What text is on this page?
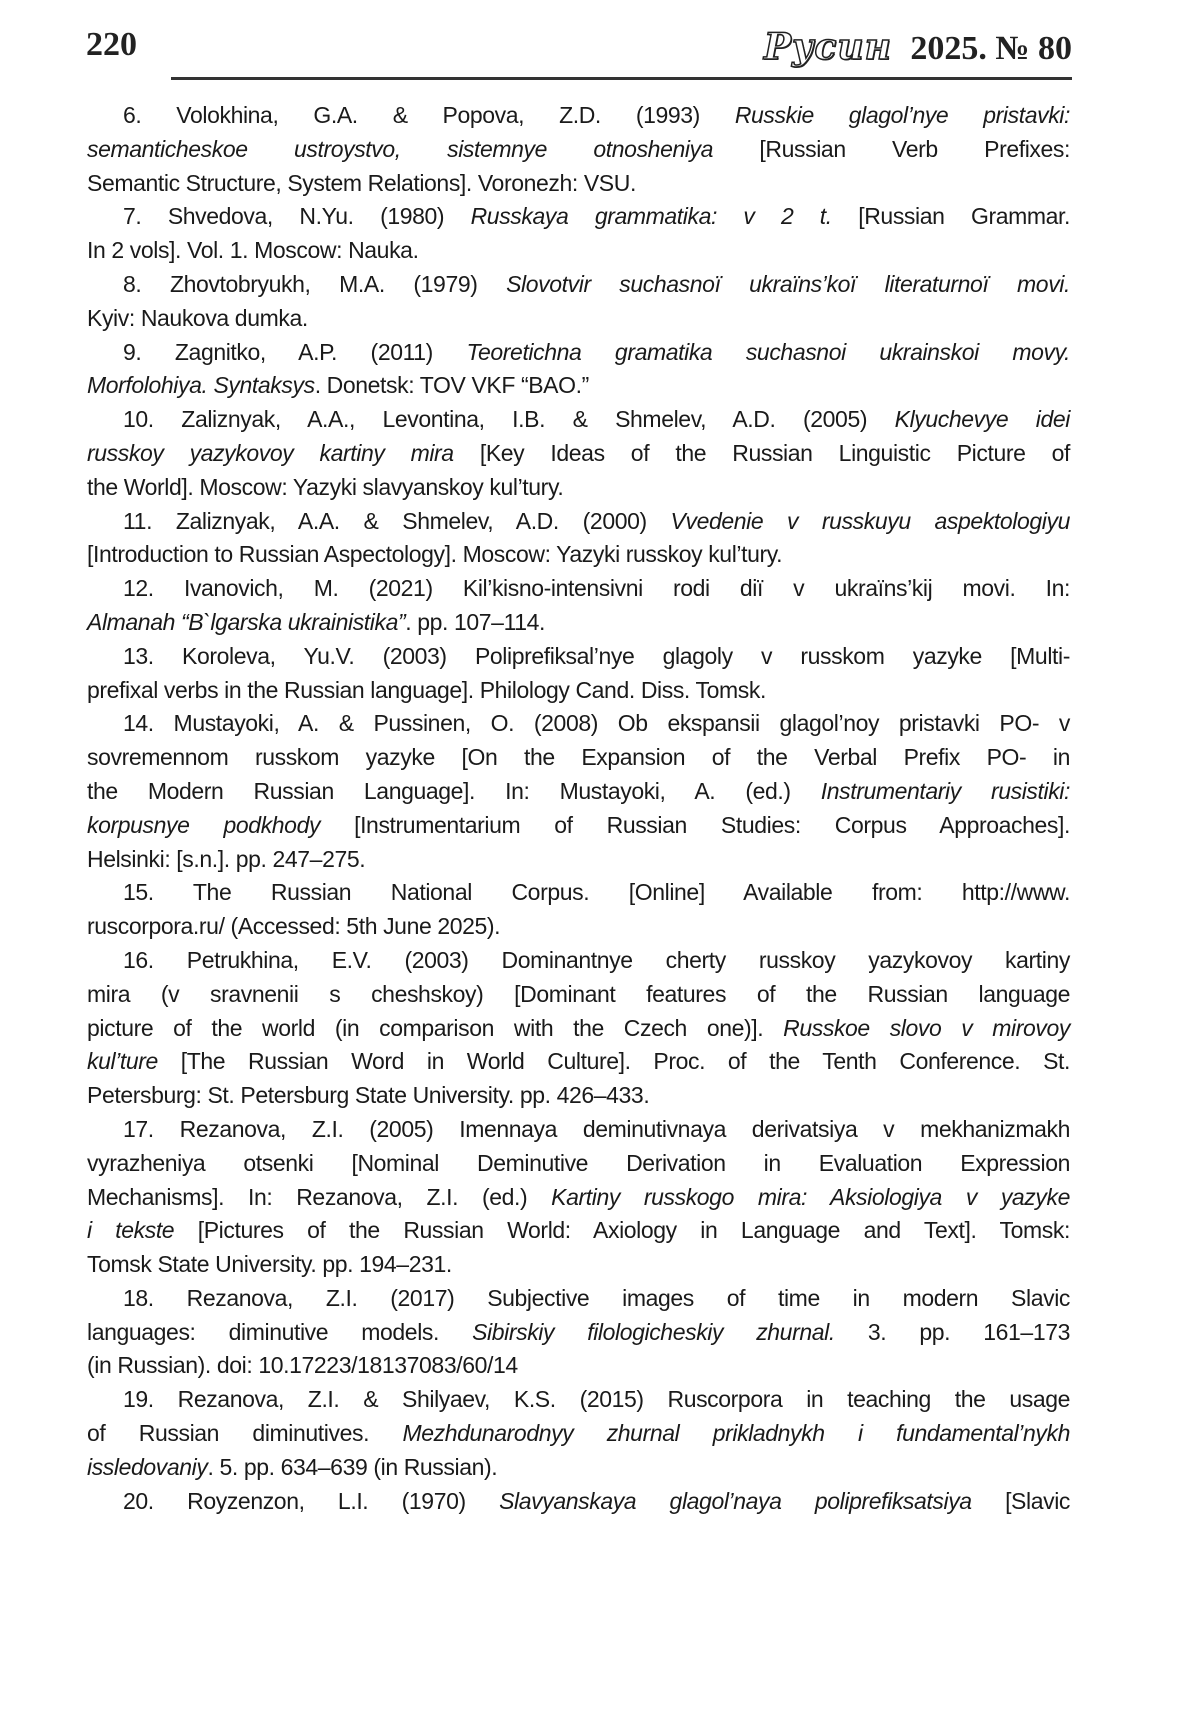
220	Русин 2025. № 80
6. Volokhina, G.A. & Popova, Z.D. (1993) Russkie glagol’nye pristavki:
semanticheskoe ustroystvo, sistemnye otnosheniya [Russian Verb Prefixes:
Semantic Structure, System Relations]. Voronezh: VSU.
7. Shvedova, N.Yu. (1980) Russkaya grammatika: v 2 t. [Russian Grammar.
In 2 vols]. Vol. 1. Moscow: Nauka.
8. Zhovtobryukh, M.A. (1979) Slovotvir suchasnoï ukraïns’koï literaturnoï movi.
Kyiv: Naukova dumka.
9. Zagnitko, A.P. (2011) Teoretichna gramatika suchasnoi ukrainskoi movy.
Morfolohiya. Syntaksys. Donetsk: TOV VKF “BAO.”
10. Zaliznyak, A.A., Levontina, I.B. & Shmelev, A.D. (2005) Klyuchevye idei
russkoy yazykovoy kartiny mira [Key Ideas of the Russian Linguistic Picture of
the World]. Moscow: Yazyki slavyanskoy kul’tury.
11. Zaliznyak, A.A. & Shmelev, A.D. (2000) Vvedenie v russkuyu aspektologiyu
[Introduction to Russian Aspectology]. Moscow: Yazyki russkoy kul’tury.
12. Ivanovich, M. (2021) Kil’kisno-intensivni rodi diï v ukraïns’kij movi. In:
Almanah “B`lgarska ukrainistika”. pp. 107–114.
13. Koroleva, Yu.V. (2003) Poliprefiksal’nye glagoly v russkom yazyke [Multi-
prefixal verbs in the Russian language]. Philology Cand. Diss. Tomsk.
14. Mustayoki, A. & Pussinen, O. (2008) Ob ekspansii glagol’noy pristavki PO- v
sovremennom russkom yazyke [On the Expansion of the Verbal Prefix PO- in
the Modern Russian Language]. In: Mustayoki, A. (ed.) Instrumentariy rusistiki:
korpusnye podkhody [Instrumentarium of Russian Studies: Corpus Approaches].
Helsinki: [s.n.]. pp. 247–275.
15. The Russian National Corpus. [Online] Available from: http://www.
ruscorpora.ru/ (Accessed: 5th June 2025).
16. Petrukhina, E.V. (2003) Dominantnye cherty russkoy yazykovoy kartiny
mira (v sravnenii s cheshskoy) [Dominant features of the Russian language
picture of the world (in comparison with the Czech one)]. Russkoe slovo v mirovoy
kul’ture [The Russian Word in World Culture]. Proc. of the Tenth Conference. St.
Petersburg: St. Petersburg State University. pp. 426–433.
17. Rezanova, Z.I. (2005) Imennaya deminutivnaya derivatsiya v mekhanizmakh
vyrazheniya otsenki [Nominal Deminutive Derivation in Evaluation Expression
Mechanisms]. In: Rezanova, Z.I. (ed.) Kartiny russkogo mira: Aksiologiya v yazyke
i tekste [Pictures of the Russian World: Axiology in Language and Text]. Tomsk:
Tomsk State University. pp. 194–231.
18. Rezanova, Z.I. (2017) Subjective images of time in modern Slavic
languages: diminutive models. Sibirskiy filologicheskiy zhurnal. 3. pp. 161–173
(in Russian). doi: 10.17223/18137083/60/14
19. Rezanova, Z.I. & Shilyaev, K.S. (2015) Ruscorpora in teaching the usage
of Russian diminutives. Mezhdunarodnyy zhurnal prikladnykh i fundamental’nykh
issledovaniy. 5. pp. 634–639 (in Russian).
20. Royzenzon, L.I. (1970) Slavyanskaya glagol’naya poliprefiksatsiya [Slavic
